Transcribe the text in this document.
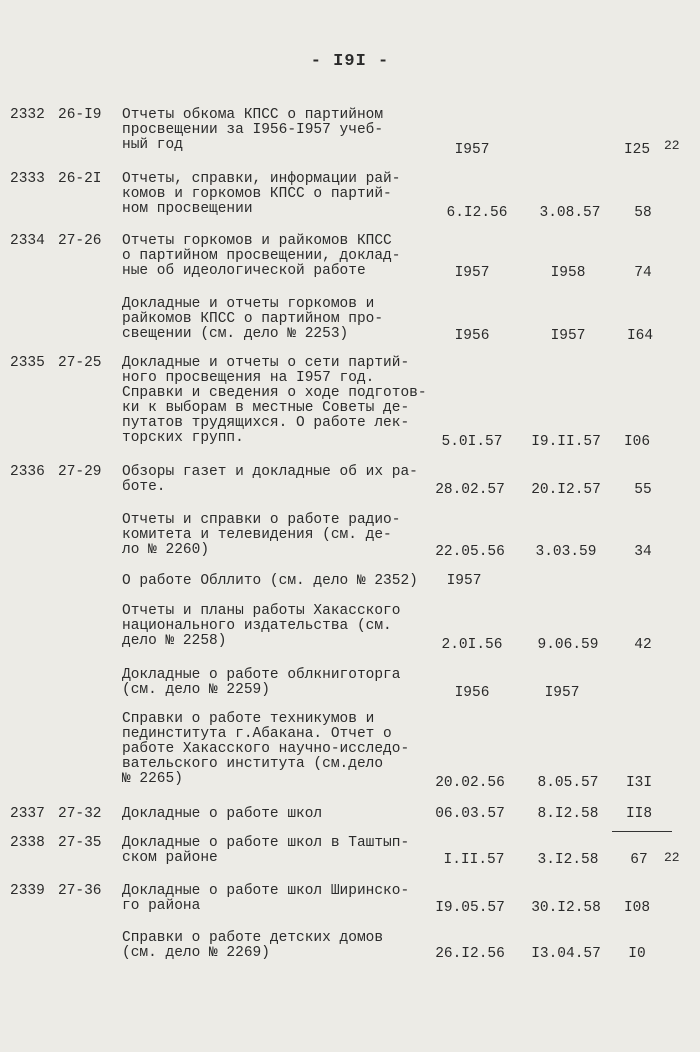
- I9I -
2332 26-I9 Отчеты обкома КПСС о партийном
просвещении за I956-I957 учеб-
ный год	I957	I25	22
2333 26-2I Отчеты, справки, информации рай-
комов и горкомов КПСС о партий-
ном просвещении	6.I2.56	3.08.57	58
2334 27-26 Отчеты горкомов и райкомов КПСС
о партийном просвещении, доклад-
ные об идеологической работе	I957	I958	74
Докладные и отчеты горкомов и
райкомов КПСС о партийном про-
свещении (см. дело № 2253)	I956	I957	I64
2335 27-25 Докладные и отчеты о сети партий-
ного просвещения на I957 год.
Справки и сведения о ходе подготов-
ки к выборам в местные Советы де-
путатов трудящихся. О работе лек-
торских групп.	5.0I.57	I9.II.57	I06
2336 27-29 Обзоры газет и докладные об их ра-
боте.	28.02.57	20.I2.57	55
Отчеты и справки о работе радио-
комитета и телевидения (см. де-
ло № 2260)	22.05.56	3.03.59	34
О работе Обллито (см. дело № 2352)	I957
Отчеты и планы работы Хакасского
национального издательства (см.
дело № 2258)	2.0I.56	9.06.59	42
Докладные о работе облкниготорга
(см. дело № 2259)	I956	I957
Справки о работе техникумов и
пединститута г.Абакана. Отчет о
работе Хакасского научно-исследо-
вательского института (см.дело
№ 2265)	20.02.56	8.05.57	I3I
2337 27-32 Докладные о работе школ	06.03.57	8.I2.58	II8
2338 27-35 Докладные о работе школ в Таштып-
ском районе	I.II.57	3.I2.58	67	22
2339 27-36 Докладные о работе школ Ширинско-
го района	I9.05.57	30.I2.58	I08
Справки о работе детских домов
(см. дело № 2269)	26.I2.56	I3.04.57	I0
